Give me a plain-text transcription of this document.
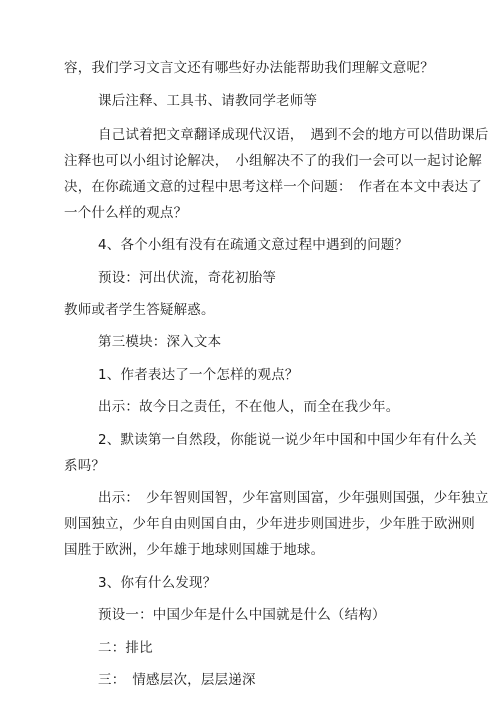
容，我们学习文言文还有哪些好办法能帮助我们理解文意呢？
课后注释、工具书、请教同学老师等
自己试着把文章翻译成现代汉语，　遇到不会的地方可以借助课后
注释也可以小组讨论解决，　小组解决不了的我们一会可以一起讨论解
决，在你疏通文意的过程中思考这样一个问题：　作者在本文中表达了
一个什么样的观点？
4、各个小组有没有在疏通文意过程中遇到的问题？
预设：河出伏流，奇花初胎等
教师或者学生答疑解惑。
第三模块：深入文本
1、作者表达了一个怎样的观点？
出示：故今日之责任，不在他人，而全在我少年。
2、默读第一自然段，你能说一说少年中国和中国少年有什么关
系吗？
出示：　少年智则国智，少年富则国富，少年强则国强，少年独立
则国独立，少年自由则国自由，少年进步则国进步，少年胜于欧洲则
国胜于欧洲，少年雄于地球则国雄于地球。
3、你有什么发现？
预设一：中国少年是什么中国就是什么（结构）
二：排比
三：　情感层次，层层递深
